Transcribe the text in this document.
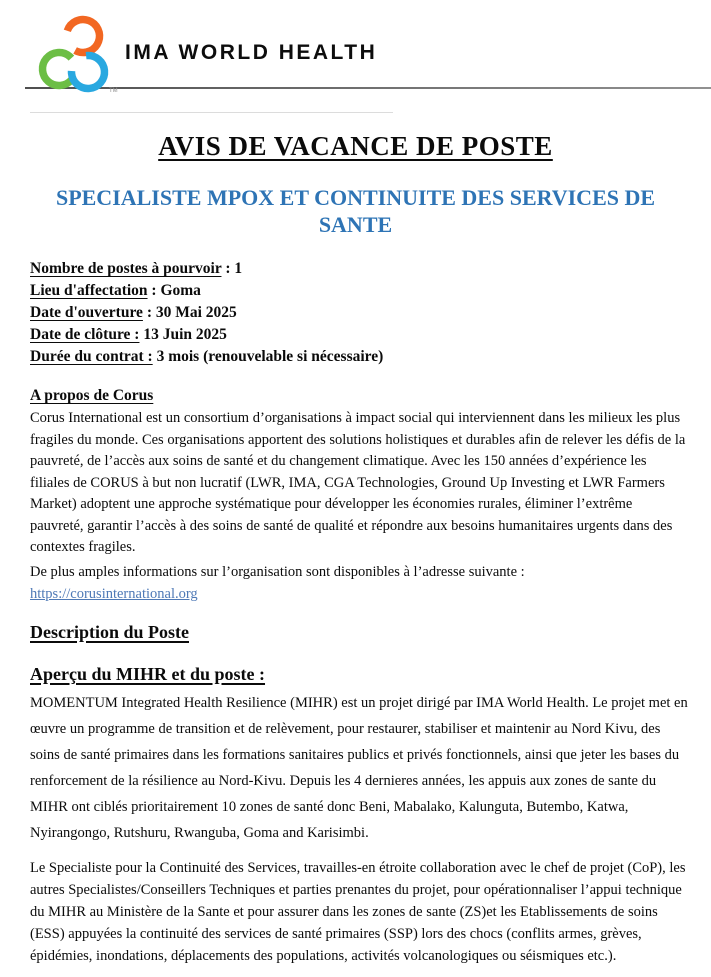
IMA WORLD HEALTH
TM
AVIS DE VACANCE DE POSTE
SPECIALISTE MPOX ET CONTINUITE DES SERVICES DE SANTE
Nombre de postes à pourvoir : 1
Lieu d'affectation : Goma
Date d'ouverture : 30 Mai 2025
Date de clôture : 13 Juin 2025
Durée du contrat : 3 mois (renouvelable si nécessaire)
A propos de Corus
Corus International est un consortium d’organisations à impact social qui interviennent dans les milieux les plus fragiles du monde. Ces organisations apportent des solutions holistiques et durables afin de relever les défis de la pauvreté, de l’accès aux soins de santé et du changement climatique. Avec les 150 années d’expérience les filiales de CORUS à but non lucratif (LWR, IMA, CGA Technologies, Ground Up Investing et LWR Farmers Market) adoptent une approche systématique pour développer les économies rurales, éliminer l’extrême pauvreté, garantir l’accès à des soins de santé de qualité et répondre aux besoins humanitaires urgents dans des contextes fragiles.
De plus amples informations sur l’organisation sont disponibles à l’adresse suivante :
https://corusinternational.org
Description du Poste
Aperçu du MIHR et du poste :
MOMENTUM Integrated Health Resilience (MIHR) est un projet dirigé par IMA World Health. Le projet met en œuvre un programme de transition et de relèvement, pour restaurer, stabiliser et maintenir au Nord Kivu, des soins de santé primaires dans les formations sanitaires publics et privés fonctionnels, ainsi que jeter les bases du renforcement de la résilience au Nord-Kivu. Depuis les 4 dernieres années, les appuis aux zones de sante du MIHR ont ciblés prioritairement 10 zones de santé donc Beni, Mabalako, Kalunguta, Butembo, Katwa, Nyirangongo, Rutshuru, Rwanguba, Goma and Karisimbi.
Le Specialiste pour la Continuité des Services, travailles-en étroite collaboration avec le chef de projet (CoP), les autres Specialistes/Conseillers Techniques et parties prenantes du projet, pour opérationnaliser l’appui technique du MIHR au Ministère de la Sante et pour assurer dans les zones de sante (ZS)et les Etablissements de soins (ESS) appuyées la continuité des services de santé primaires (SSP) lors des chocs (conflits armes, grèves, épidémies, inondations, déplacements des populations, activités volcanologiques ou séismiques etc.).
